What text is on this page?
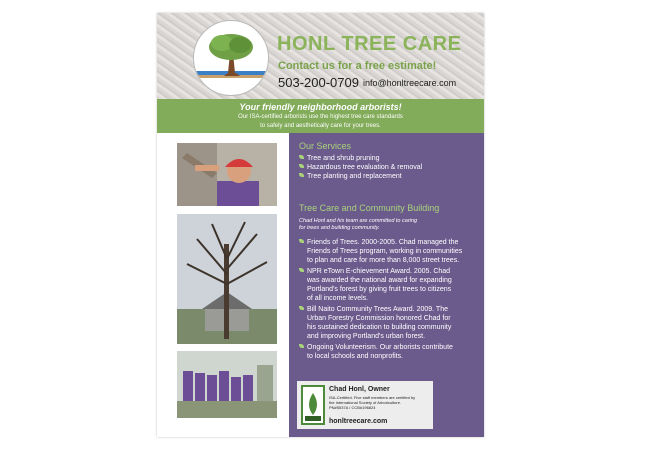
HONL TREE CARE
Contact us for a free estimate!
503-200-0709 info@honltreecare.com
Your friendly neighborhood arborists!
Our ISA-certified arborists use the highest tree care standards
to safely and aesthetically care for your trees.
Our Services
Tree and shrub pruning
Hazardous tree evaluation & removal
Tree planting and replacement
Tree Care and Community Building
Chad Honl and his team are committed to caring
for trees and building community.
Friends of Trees. 2000-2005. Chad managed the
Friends of Trees program, working in communities
to plan and care for more than 8,000 street trees.
NPR eTown E-chievement Award. 2005. Chad
was awarded the national award for expanding
Portland's forest by giving fruit trees to citizens
of all income levels.
Bill Naito Community Trees Award. 2009. The
Urban Forestry Commission honored Chad for
his sustained dedication to building community
and improving Portland's urban forest.
Ongoing Volunteerism. Our arborists contribute
to local schools and nonprofits.
Chad Honl, Owner
ISA-Certified. Five staff members are certified by
the International Society of Arboriculture.
PN#5537A / CCB#196824
honltreecare.com
